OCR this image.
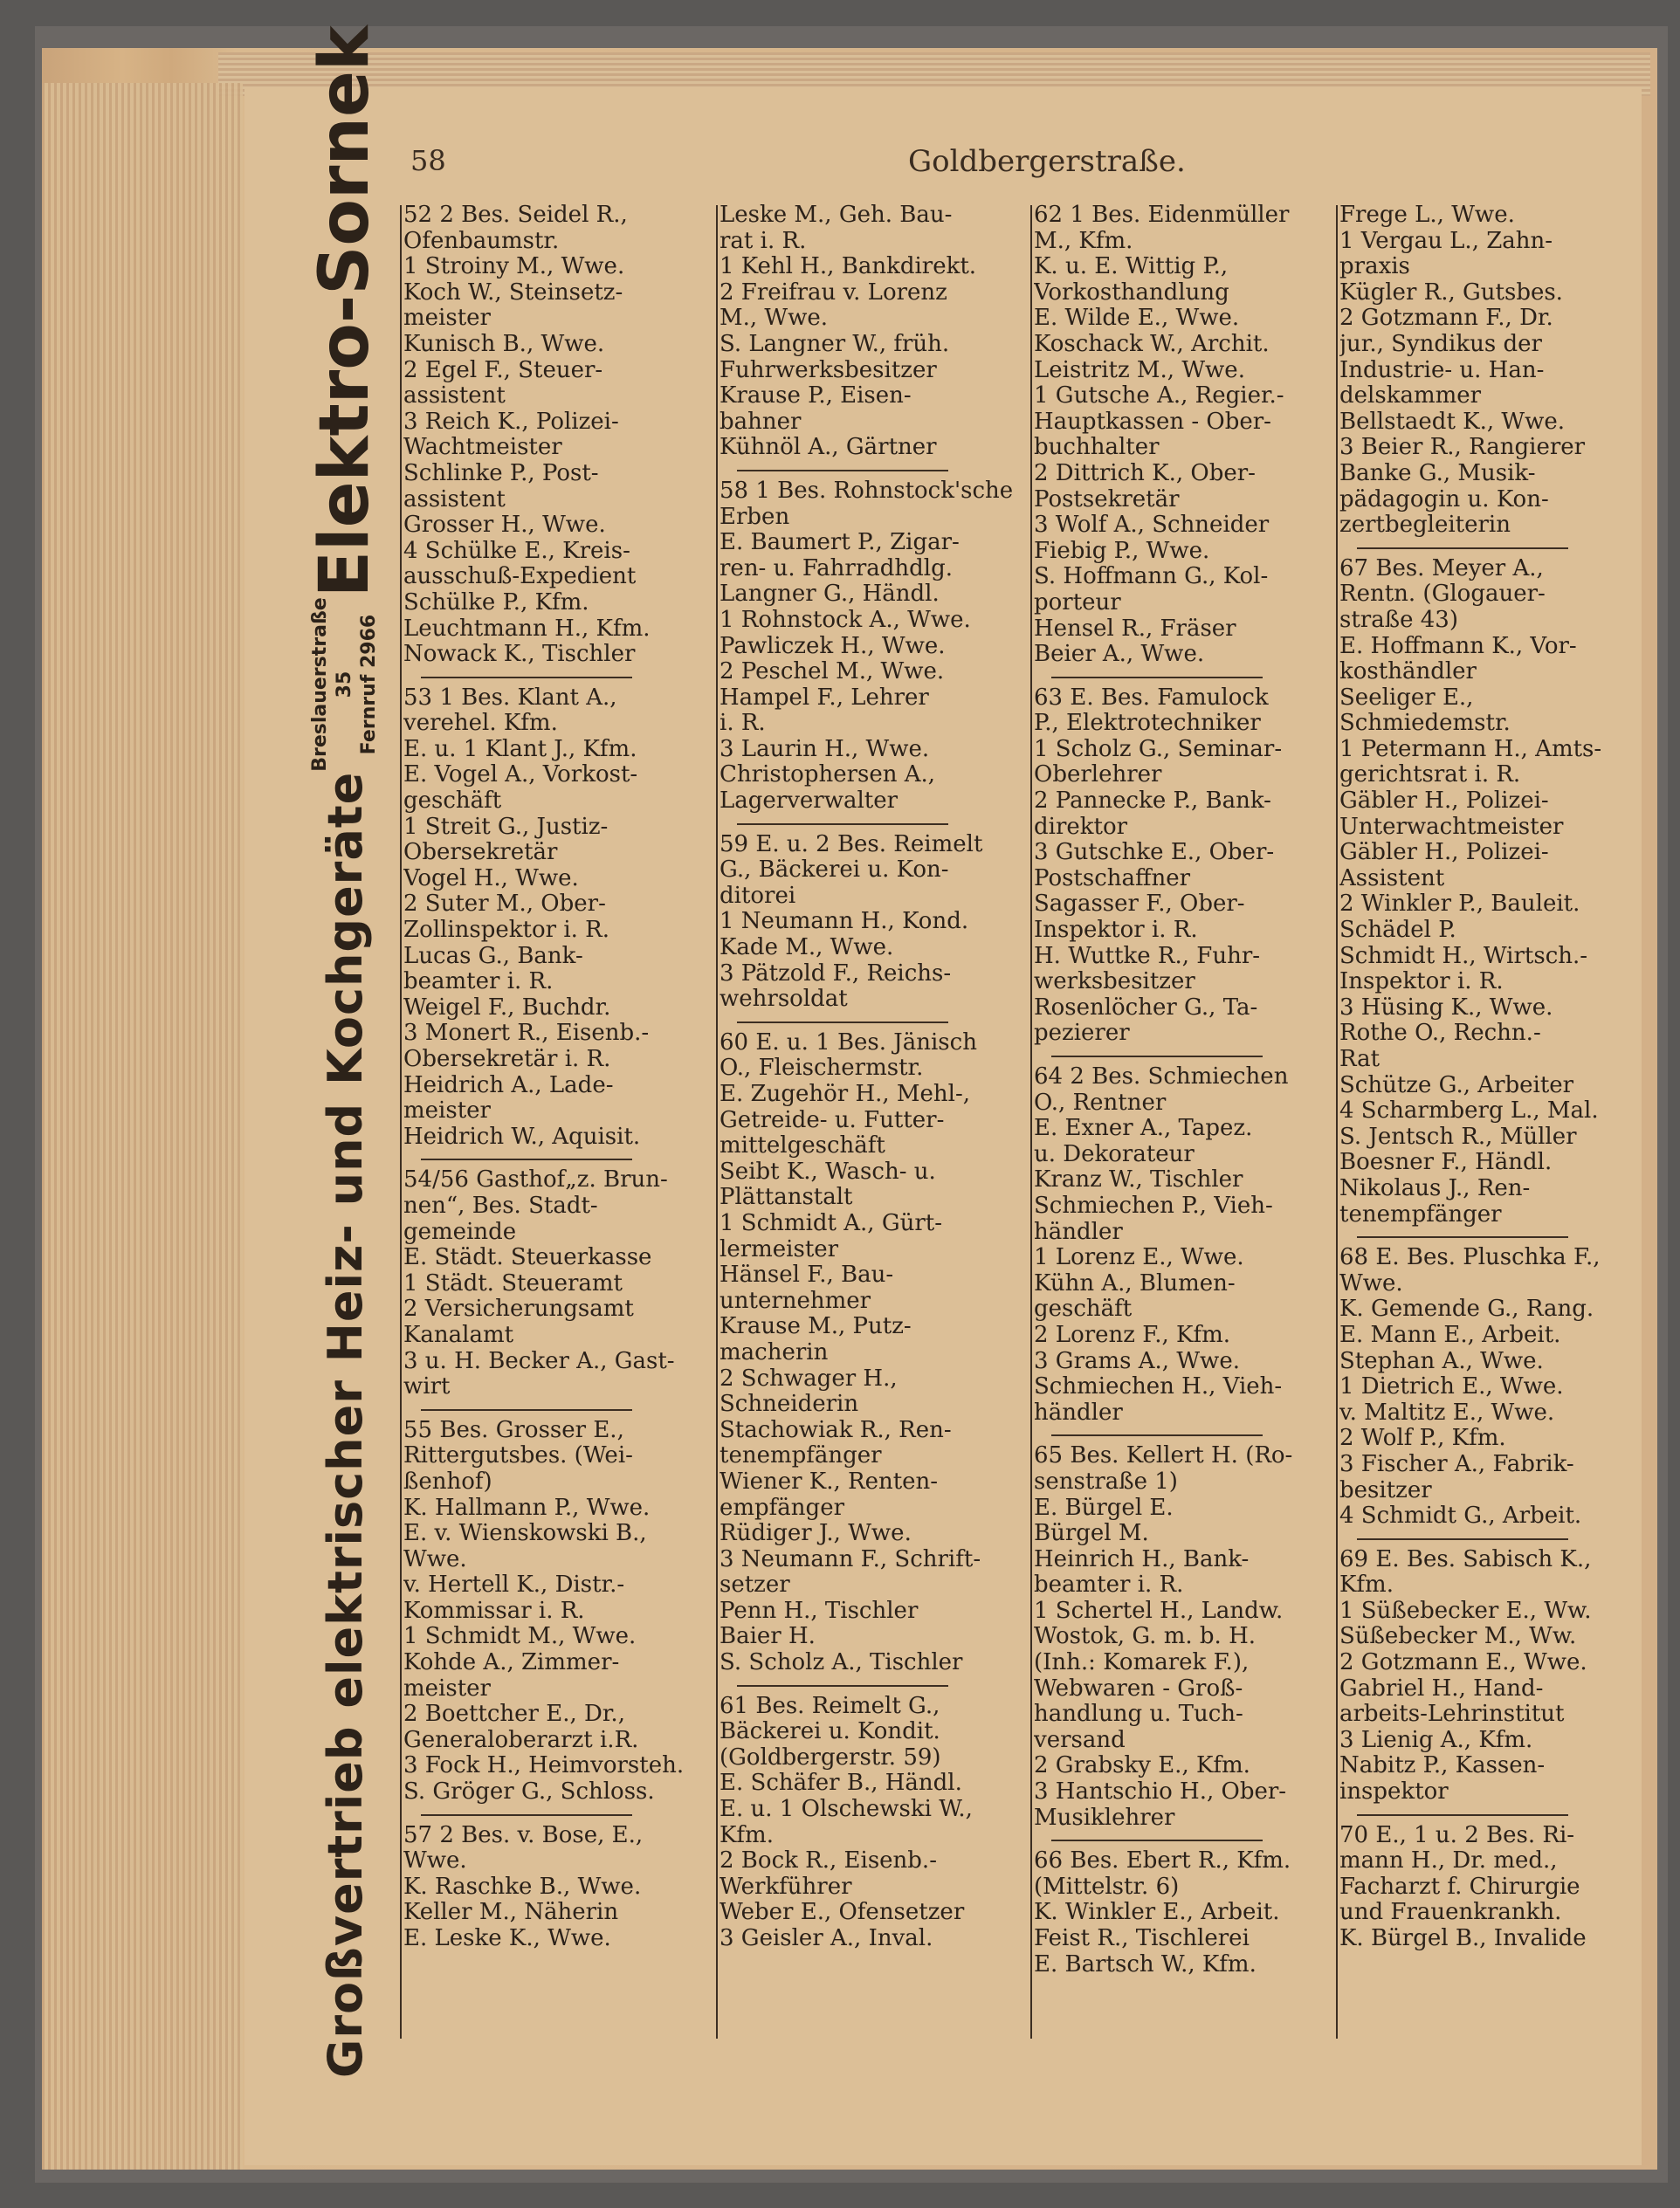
58	Goldbergerstraße.
Großvertrieb elektrischer Heiz- und Kochgeräte
Breslauerstraße 35 Fernruf 2966
Elektro-Sornek 52 2 Bes. Seidel R.,
Ofenbaumstr.
1 Stroiny M., Wwe.
Koch W., Steinsetz-
meister
Kunisch B., Wwe.
2 Egel F., Steuer-
assistent
3 Reich K., Polizei-
Wachtmeister
Schlinke P., Post-
assistent
Grosser H., Wwe.
4 Schülke E., Kreis-
ausschuß-Expedient
Schülke P., Kfm.
Leuchtmann H., Kfm.
Nowack K., Tischler
53 1 Bes. Klant A.,
verehel. Kfm.
E. u. 1 Klant J., Kfm.
E. Vogel A., Vorkost-
geschäft
1 Streit G., Justiz-
Obersekretär
Vogel H., Wwe.
2 Suter M., Ober-
Zollinspektor i. R.
Lucas G., Bank-
beamter i. R.
Weigel F., Buchdr.
3 Monert R., Eisenb.-
Obersekretär i. R.
Heidrich A., Lade-
meister
Heidrich W., Aquisit.
54/56 Gasthof„z. Brun-
nen“, Bes. Stadt-
gemeinde
E. Städt. Steuerkasse
1 Städt. Steueramt
2 Versicherungsamt
Kanalamt
3 u. H. Becker A., Gast-
wirt
55 Bes. Grosser E.,
Rittergutsbes. (Wei-
ßenhof)
K. Hallmann P., Wwe.
E. v. Wienskowski B.,
Wwe.
v. Hertell K., Distr.-
Kommissar i. R.
1 Schmidt M., Wwe.
Kohde A., Zimmer-
meister
2 Boettcher E., Dr.,
Generaloberarzt i.R.
3 Fock H., Heimvorsteh.
S. Gröger G., Schloss.
57 2 Bes. v. Bose, E.,
Wwe.
K. Raschke B., Wwe.
Keller M., Näherin
E. Leske K., Wwe.
Leske M., Geh. Bau-
rat i. R.
1 Kehl H., Bankdirekt.
2 Freifrau v. Lorenz
M., Wwe.
S. Langner W., früh.
Fuhrwerksbesitzer
Krause P., Eisen-
bahner
Kühnöl A., Gärtner
58 1 Bes. Rohnstock'sche
Erben
E. Baumert P., Zigar-
ren- u. Fahrradhdlg.
Langner G., Händl.
1 Rohnstock A., Wwe.
Pawliczek H., Wwe.
2 Peschel M., Wwe.
Hampel F., Lehrer
i. R.
3 Laurin H., Wwe.
Christophersen A.,
Lagerverwalter
59 E. u. 2 Bes. Reimelt
G., Bäckerei u. Kon-
ditorei
1 Neumann H., Kond.
Kade M., Wwe.
3 Pätzold F., Reichs-
wehrsoldat
60 E. u. 1 Bes. Jänisch
O., Fleischermstr.
E. Zugehör H., Mehl-,
Getreide- u. Futter-
mittelgeschäft
Seibt K., Wasch- u.
Plättanstalt
1 Schmidt A., Gürt-
lermeister
Hänsel F., Bau-
unternehmer
Krause M., Putz-
macherin
2 Schwager H.,
Schneiderin
Stachowiak R., Ren-
tenempfänger
Wiener K., Renten-
empfänger
Rüdiger J., Wwe.
3 Neumann F., Schrift-
setzer
Penn H., Tischler
Baier H.
S. Scholz A., Tischler
61 Bes. Reimelt G.,
Bäckerei u. Kondit.
(Goldbergerstr. 59)
E. Schäfer B., Händl.
E. u. 1 Olschewski W.,
Kfm.
2 Bock R., Eisenb.-
Werkführer
Weber E., Ofensetzer
3 Geisler A., Inval.
62 1 Bes. Eidenmüller
M., Kfm.
K. u. E. Wittig P.,
Vorkosthandlung
E. Wilde E., Wwe.
Koschack W., Archit.
Leistritz M., Wwe.
1 Gutsche A., Regier.-
Hauptkassen - Ober-
buchhalter
2 Dittrich K., Ober-
Postsekretär
3 Wolf A., Schneider
Fiebig P., Wwe.
S. Hoffmann G., Kol-
porteur
Hensel R., Fräser
Beier A., Wwe.
63 E. Bes. Famulock
P., Elektrotechniker
1 Scholz G., Seminar-
Oberlehrer
2 Pannecke P., Bank-
direktor
3 Gutschke E., Ober-
Postschaffner
Sagasser F., Ober-
Inspektor i. R.
H. Wuttke R., Fuhr-
werksbesitzer
Rosenlöcher G., Ta-
pezierer
64 2 Bes. Schmiechen
O., Rentner
E. Exner A., Tapez.
u. Dekorateur
Kranz W., Tischler
Schmiechen P., Vieh-
händler
1 Lorenz E., Wwe.
Kühn A., Blumen-
geschäft
2 Lorenz F., Kfm.
3 Grams A., Wwe.
Schmiechen H., Vieh-
händler
65 Bes. Kellert H. (Ro-
senstraße 1)
E. Bürgel E.
Bürgel M.
Heinrich H., Bank-
beamter i. R.
1 Schertel H., Landw.
Wostok, G. m. b. H.
(Inh.: Komarek F.),
Webwaren - Groß-
handlung u. Tuch-
versand
2 Grabsky E., Kfm.
3 Hantschio H., Ober-
Musiklehrer
66 Bes. Ebert R., Kfm.
(Mittelstr. 6)
K. Winkler E., Arbeit.
Feist R., Tischlerei
E. Bartsch W., Kfm.
Frege L., Wwe.
1 Vergau L., Zahn-
praxis
Kügler R., Gutsbes.
2 Gotzmann F., Dr.
jur., Syndikus der
Industrie- u. Han-
delskammer
Bellstaedt K., Wwe.
3 Beier R., Rangierer
Banke G., Musik-
pädagogin u. Kon-
zertbegleiterin
67 Bes. Meyer A.,
Rentn. (Glogauer-
straße 43)
E. Hoffmann K., Vor-
kosthändler
Seeliger E.,
Schmiedemstr.
1 Petermann H., Amts-
gerichtsrat i. R.
Gäbler H., Polizei-
Unterwachtmeister
Gäbler H., Polizei-
Assistent
2 Winkler P., Bauleit.
Schädel P.
Schmidt H., Wirtsch.-
Inspektor i. R.
3 Hüsing K., Wwe.
Rothe O., Rechn.-
Rat
Schütze G., Arbeiter
4 Scharmberg L., Mal.
S. Jentsch R., Müller
Boesner F., Händl.
Nikolaus J., Ren-
tenempfänger
68 E. Bes. Pluschka F.,
Wwe.
K. Gemende G., Rang.
E. Mann E., Arbeit.
Stephan A., Wwe.
1 Dietrich E., Wwe.
v. Maltitz E., Wwe.
2 Wolf P., Kfm.
3 Fischer A., Fabrik-
besitzer
4 Schmidt G., Arbeit.
69 E. Bes. Sabisch K.,
Kfm.
1 Süßebecker E., Ww.
Süßebecker M., Ww.
2 Gotzmann E., Wwe.
Gabriel H., Hand-
arbeits-Lehrinstitut
3 Lienig A., Kfm.
Nabitz P., Kassen-
inspektor
70 E., 1 u. 2 Bes. Ri-
mann H., Dr. med.,
Facharzt f. Chirurgie
und Frauenkrankh.
K. Bürgel B., Invalide
